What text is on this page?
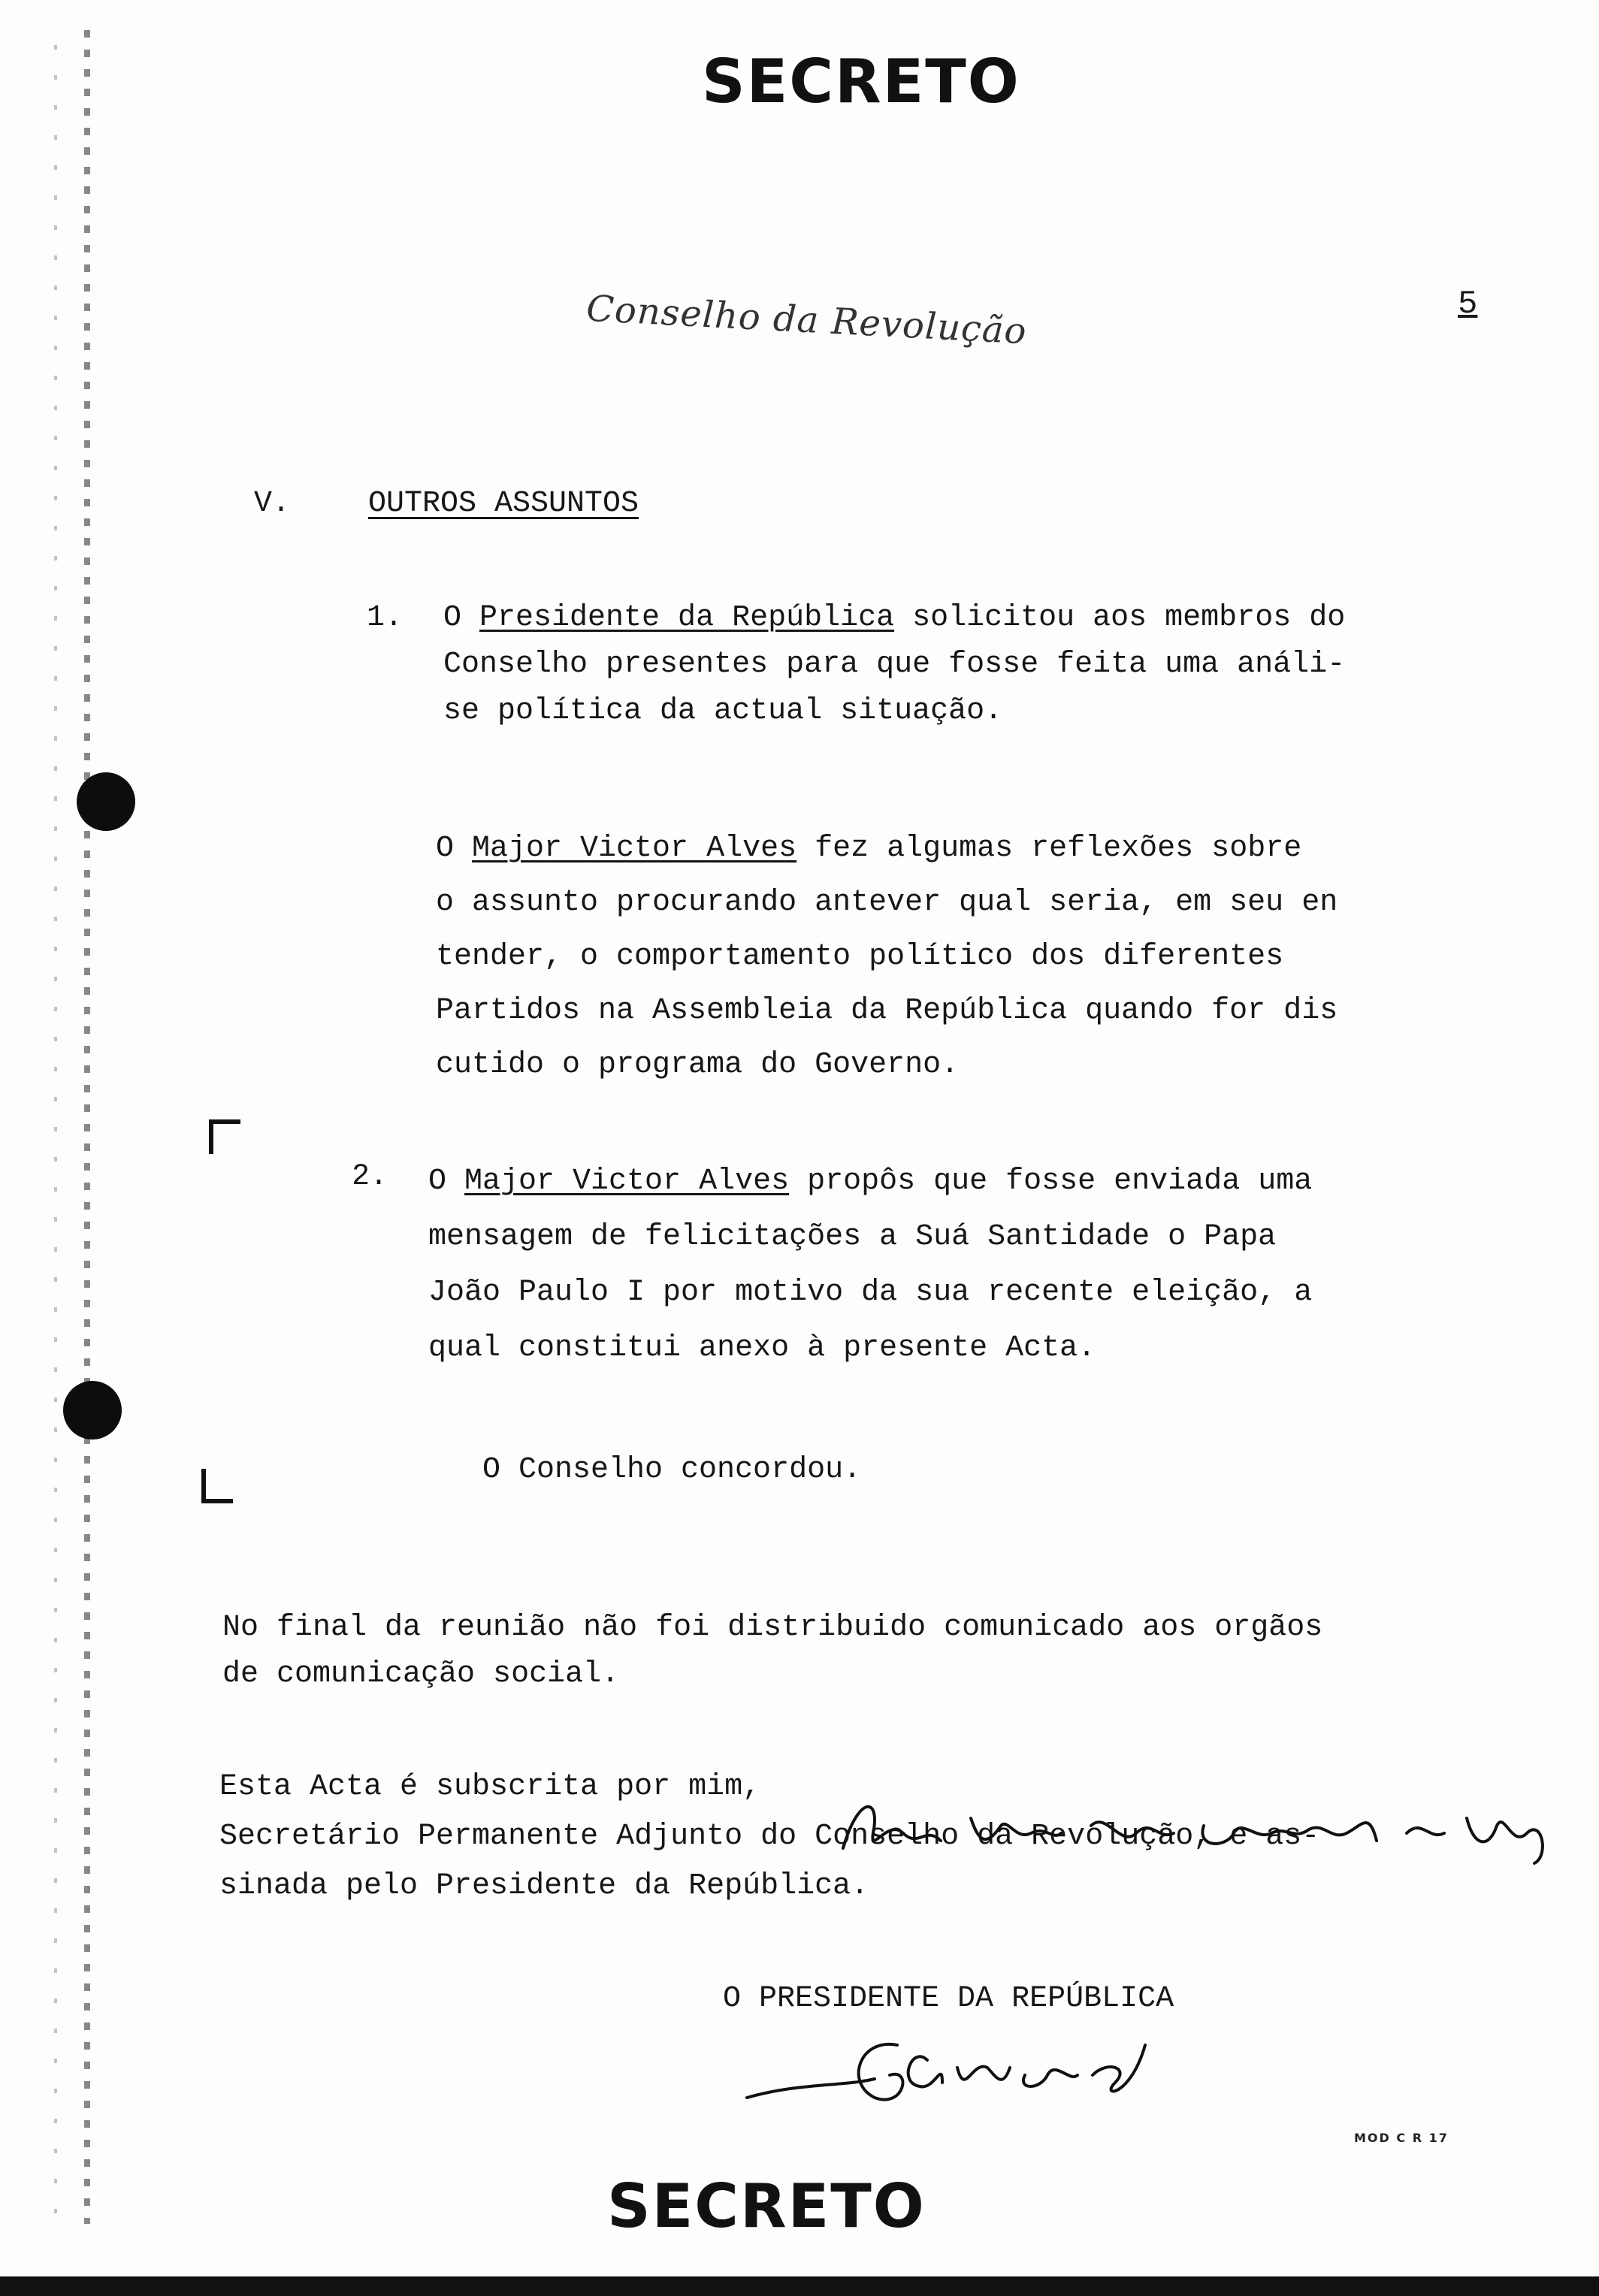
SECRETO
Conselho da Revolução	5
V.	OUTROS ASSUNTOS
1. O Presidente da República solicitou aos membros do
Conselho presentes para que fosse feita uma análi-
se política da actual situação.
O Major Victor Alves fez algumas reflexões sobre
o assunto procurando antever qual seria, em seu en
tender, o comportamento político dos diferentes
Partidos na Assembleia da República quando for dis
cutido o programa do Governo.
2. O Major Victor Alves propôs que fosse enviada uma
mensagem de felicitações a Suá Santidade o Papa
João Paulo I por motivo da sua recente eleição, a
qual constitui anexo à presente Acta.
O Conselho concordou.
No final da reunião não foi distribuido comunicado aos orgãos
de comunicação social.
Esta Acta é subscrita por mim,
Secretário Permanente Adjunto do Conselho da Revolução, e as-
sinada pelo Presidente da República.
O PRESIDENTE DA REPÚBLICA
MOD C R 17
SECRETO
